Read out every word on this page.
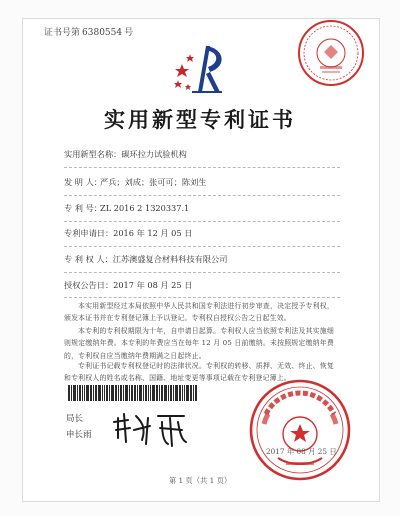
证书号第 6380554 号
实用新型专利证书
实用新型名称：碳环拉力试验机构
发 明 人：严兵；刘成；张可可；陈刘生
专 利 号：ZL 2016 2 1320337.1
专利申请日：2016 年 12 月 05 日
专 利 权 人：江苏澳盛复合材料科技有限公司
授权公告日：2017 年 08 月 25 日
本实用新型经过本局依照中华人民共和国专利法进行初步审查，决定授予专利权，颁发本证书并在专利登记簿上予以登记。专利权自授权公告之日起生效。
本专利的专利权期限为十年，自申请日起算。专利权人应当依照专利法及其实施细则规定缴纳年费。本专利的年费应当在每年 12 月 05 日前缴纳。未按照规定缴纳年费的，专利权自应当缴纳年费期满之日起终止。
专利证书记载专利权登记时的法律状况。专利权的转移、质押、无效、终止、恢复和专利权人的姓名或名称、国籍、地址变更等事项记载在专利登记簿上。
局长
申长雨
2017 年 08 月 25 日
第 1 页（共 1 页）
